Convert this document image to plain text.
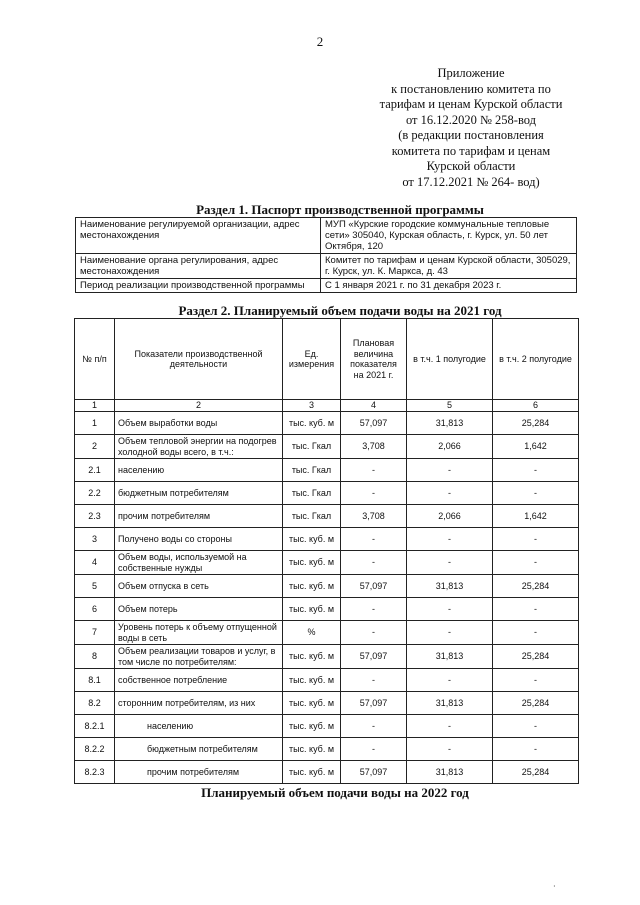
2
Приложение
к постановлению комитета по
тарифам и ценам Курской области
от 16.12.2020 № 258-вод
(в редакции постановления
комитета по тарифам и ценам
Курской области
от 17.12.2021 № 264- вод)
Раздел 1. Паспорт производственной программы
Наименование регулируемой организации, адрес местонахождения	МУП «Курские городские коммунальные тепловые сети» 305040, Курская область, г. Курск, ул. 50 лет Октября, 120
Наименование органа регулирования, адрес местонахождения	Комитет по тарифам и ценам Курской области, 305029, г. Курск, ул. К. Маркса, д. 43
Период реализации производственной программы	С 1 января 2021 г. по 31 декабря 2023 г.
Раздел 2. Планируемый объем подачи воды на 2021 год
№ п/п	Показатели производственной деятельности	Ед. измерения	Плановая величина показателя на 2021 г.	в т.ч. 1 полугодие	в т.ч. 2 полугодие
1	2	3	4	5	6
1	Объем выработки воды	тыс. куб. м	57,097	31,813	25,284
2	Объем тепловой энергии на подогрев холодной воды всего, в т.ч.:	тыс. Гкал	3,708	2,066	1,642
2.1	населению	тыс. Гкал	-	-	-
2.2	бюджетным потребителям	тыс. Гкал	-	-	-
2.3	прочим потребителям	тыс. Гкал	3,708	2,066	1,642
3	Получено воды со стороны	тыс. куб. м	-	-	-
4	Объем воды, используемой на собственные нужды	тыс. куб. м	-	-	-
5	Объем отпуска в сеть	тыс. куб. м	57,097	31,813	25,284
6	Объем потерь	тыс. куб. м	-	-	-
7	Уровень потерь к объему отпущенной воды в сеть	%	-	-	-
8	Объем реализации товаров и услуг, в том числе по потребителям:	тыс. куб. м	57,097	31,813	25,284
8.1	собственное потребление	тыс. куб. м	-	-	-
8.2	сторонним потребителям, из них	тыс. куб. м	57,097	31,813	25,284
8.2.1	населению	тыс. куб. м	-	-	-
8.2.2	бюджетным потребителям	тыс. куб. м	-	-	-
8.2.3	прочим потребителям	тыс. куб. м	57,097	31,813	25,284
Планируемый объем подачи воды на 2022 год
·
